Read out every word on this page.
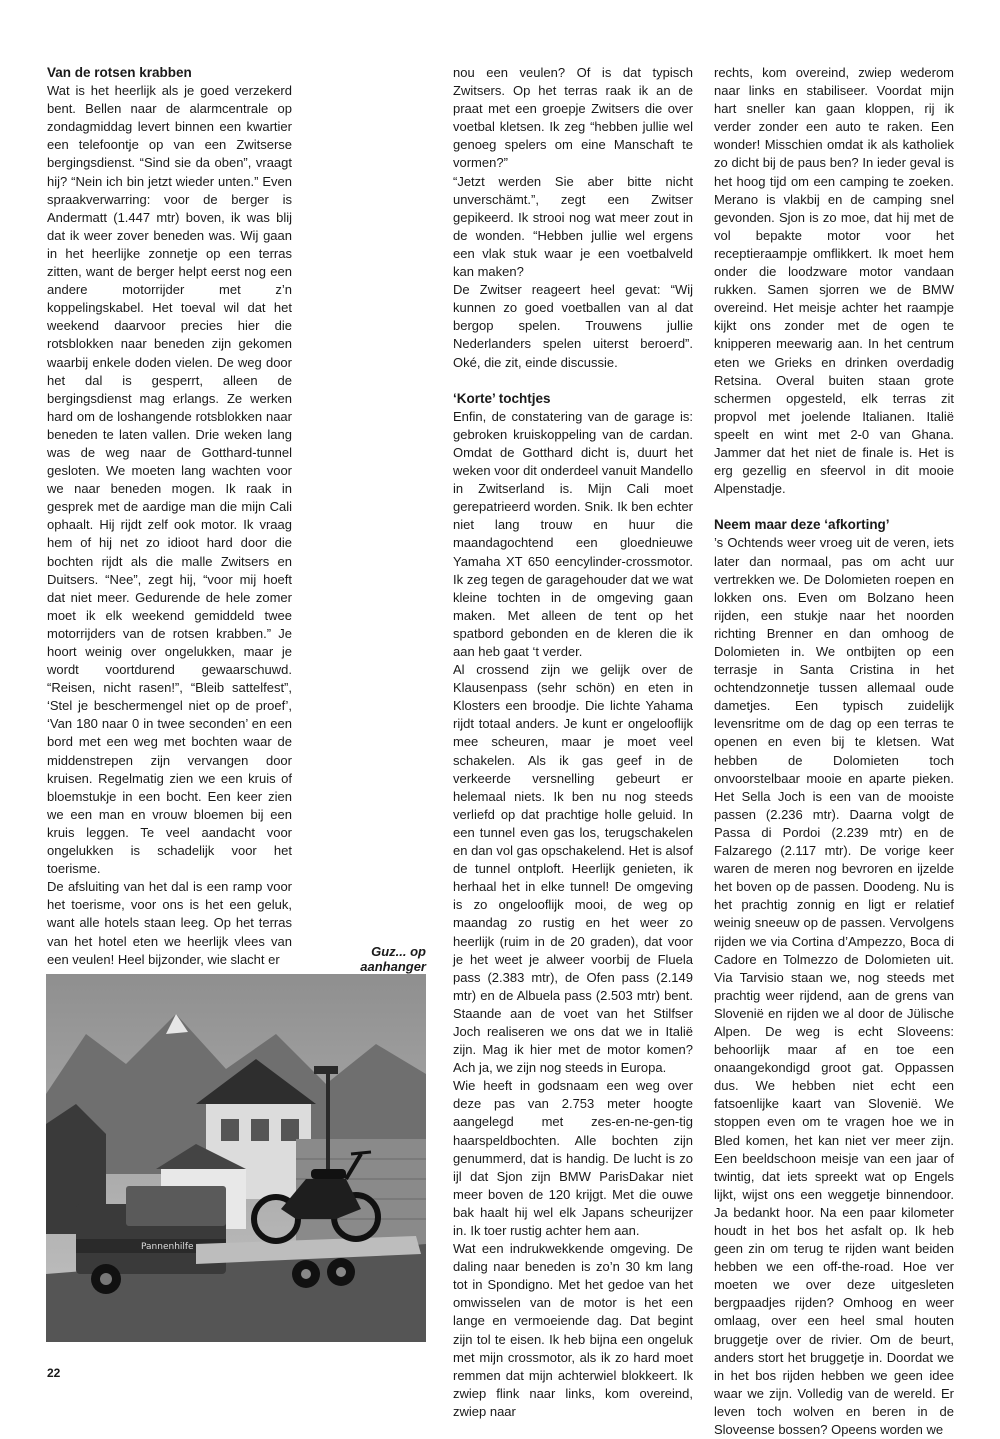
Van de rotsen krabben

Wat is het heerlijk als je goed verzekerd bent. Bellen naar de alarmcentrale op zondagmiddag levert binnen een kwartier een telefoontje op van een Zwitserse bergingsdienst. “Sind sie da oben”, vraagt hij? “Nein ich bin jetzt wieder unten.” Even spraakverwarring: voor de berger is Andermatt (1.447 mtr) boven, ik was blij dat ik weer zover beneden was. Wij gaan in het heerlijke zonnetje op een terras zitten, want de berger helpt eerst nog een andere motorrijder met z’n koppelingskabel. Het toeval wil dat het weekend daarvoor precies hier die rotsblokken naar beneden zijn gekomen waarbij enkele doden vielen. De weg door het dal is gesperrt, alleen de bergingsdienst mag erlangs. Ze werken hard om de loshangende rotsblokken naar beneden te laten vallen. Drie weken lang was de weg naar de Gotthard-tunnel gesloten. We moeten lang wachten voor we naar beneden mogen. Ik raak in gesprek met de aardige man die mijn Cali ophaalt. Hij rijdt zelf ook motor. Ik vraag hem of hij net zo idioot hard door die bochten rijdt als die malle Zwitsers en Duitsers. “Nee”, zegt hij, “voor mij hoeft dat niet meer. Gedurende de hele zomer moet ik elk weekend gemiddeld twee motorrijders van de rotsen krabben.” Je hoort weinig over ongelukken, maar je wordt voortdurend gewaarschuwd. “Reisen, nicht rasen!”, “Bleib sattelfest”, ‘Stel je beschermengel niet op de proef’, ‘Van 180 naar 0 in twee seconden’ en een bord met een weg met bochten waar de middenstrepen zijn vervangen door kruisen. Regelmatig zien we een kruis of bloemstukje in een bocht. Een keer zien we een man en vrouw bloemen bij een kruis leggen. Te veel aandacht voor ongelukken is schadelijk voor het toerisme.

De afsluiting van het dal is een ramp voor het toerisme, voor ons is het een geluk, want alle hotels staan leeg. Op het terras van het hotel eten we heerlijk vlees van een veulen! Heel bijzonder, wie slacht er

nou een veulen? Of is dat typisch Zwitsers. Op het terras raak ik an de praat met een groepje Zwitsers die over voetbal kletsen. Ik zeg “hebben jullie wel genoeg spelers om eine Manschaft te vormen?”

“Jetzt werden Sie aber bitte nicht unverschämt.”, zegt een Zwitser gepikeerd. Ik strooi nog wat meer zout in de wonden. “Hebben jullie wel ergens een vlak stuk waar je een voetbalveld kan maken?

De Zwitser reageert heel gevat: “Wij kunnen zo goed voetballen van al dat bergop spelen. Trouwens jullie Nederlanders spelen uiterst beroerd”. Oké, die zit, einde discussie.

‘Korte’ tochtjes

Enfin, de constatering van de garage is: gebroken kruiskoppeling van de cardan. Omdat de Gotthard dicht is, duurt het weken voor dit onderdeel vanuit Mandello in Zwitserland is. Mijn Cali moet gerepatrieerd worden. Snik. Ik ben echter niet lang trouw en huur die maandagochtend een gloednieuwe Yamaha XT 650 eencylinder-crossmotor. Ik zeg tegen de garagehouder dat we wat kleine tochten in de omgeving gaan maken. Met alleen de tent op het spatbord gebonden en de kleren die ik aan heb gaat ‘t verder.

Al crossend zijn we gelijk over de Klausenpass (sehr schön) en eten in Klosters een broodje. Die lichte Yahama rijdt totaal anders. Je kunt er ongelooflijk mee scheuren, maar je moet veel schakelen. Als ik gas geef in de verkeerde versnelling gebeurt er helemaal niets. Ik ben nu nog steeds verliefd op dat prachtige holle geluid. In een tunnel even gas los, terugschakelen en dan vol gas opschakelend. Het is alsof de tunnel ontploft. Heerlijk genieten, ik herhaal het in elke tunnel! De omgeving is zo ongelooflijk mooi, de weg op maandag zo rustig en het weer zo heerlijk (ruim in de 20 graden), dat voor je het weet je alweer voorbij de Fluela pass (2.383 mtr), de Ofen pass (2.149 mtr) en de Albuela pass (2.503 mtr) bent. Staande aan de voet van het Stilfser Joch realiseren we ons dat we in Italië zijn. Mag ik hier met de motor komen? Ach ja, we zijn nog steeds in Europa.

Wie heeft in godsnaam een weg over deze pas van 2.753 meter hoogte aangelegd met zes-en-ne-gen-tig haarspeldbochten. Alle bochten zijn genummerd, dat is handig. De lucht is zo ijl dat Sjon zijn BMW ParisDakar niet meer boven de 120 krijgt. Met die ouwe bak haalt hij wel elk Japans scheurijzer in. Ik toer rustig achter hem aan.

Wat een indrukwekkende omgeving. De daling naar beneden is zo’n 30 km lang tot in Spondigno. Met het gedoe van het omwisselen van de motor is het een lange en vermoeiende dag. Dat begint zijn tol te eisen. Ik heb bijna een ongeluk met mijn crossmotor, als ik zo hard moet remmen dat mijn achterwiel blokkeert. Ik zwiep flink naar links, kom overeind, zwiep naar

rechts, kom overeind, zwiep wederom naar links en stabiliseer. Voordat mijn hart sneller kan gaan kloppen, rij ik verder zonder een auto te raken. Een wonder! Misschien omdat ik als katholiek zo dicht bij de paus ben? In ieder geval is het hoog tijd om een camping te zoeken. Merano is vlakbij en de camping snel gevonden. Sjon is zo moe, dat hij met de vol bepakte motor voor het receptieraampje omflikkert. Ik moet hem onder die loodzware motor vandaan rukken. Samen sjorren we de BMW overeind. Het meisje achter het raampje kijkt ons zonder met de ogen te knipperen meewarig aan. In het centrum eten we Grieks en drinken overdadig Retsina. Overal buiten staan grote schermen opgesteld, elk terras zit propvol met joelende Italianen. Italië speelt en wint met 2-0 van Ghana. Jammer dat het niet de finale is. Het is erg gezellig en sfeervol in dit mooie Alpenstadje.

Neem maar deze ‘afkorting’

’s Ochtends weer vroeg uit de veren, iets later dan normaal, pas om acht uur vertrekken we. De Dolomieten roepen en lokken ons. Even om Bolzano heen rijden, een stukje naar het noorden richting Brenner en dan omhoog de Dolomieten in. We ontbijten op een terrasje in Santa Cristina in het ochtendzonnetje tussen allemaal oude dametjes. Een typisch zuidelijk levensritme om de dag op een terras te openen en even bij te kletsen. Wat hebben de Dolomieten toch onvoorstelbaar mooie en aparte pieken. Het Sella Joch is een van de mooiste passen (2.236 mtr). Daarna volgt de Passa di Pordoi (2.239 mtr) en de Falzarego (2.117 mtr). De vorige keer waren de meren nog bevroren en ijzelde het boven op de passen. Doodeng. Nu is het prachtig zonnig en ligt er relatief weinig sneeuw op de passen. Vervolgens rijden we via Cortina d’Ampezzo, Boca di Cadore en Tolmezzo de Dolomieten uit. Via Tarvisio staan we, nog steeds met prachtig weer rijdend, aan de grens van Slovenië en rijden we al door de Jülische Alpen. De weg is echt Sloveens: behoorlijk maar af en toe een onaangekondigd groot gat. Oppassen dus. We hebben niet echt een fatsoenlijke kaart van Slovenië. We stoppen even om te vragen hoe we in Bled komen, het kan niet ver meer zijn. Een beeldschoon meisje van een jaar of twintig, dat iets spreekt wat op Engels lijkt, wijst ons een weggetje binnendoor. Ja bedankt hoor. Na een paar kilometer houdt in het bos het asfalt op. Ik heb geen zin om terug te rijden want beiden hebben we een off-the-road. Hoe ver moeten we over deze uitgesleten bergpaadjes rijden? Omhoog en weer omlaag, over een heel smal houten bruggetje over de rivier. Om de beurt, anders stort het bruggetje in. Doordat we in het bos rijden hebben we geen idee waar we zijn. Volledig van de wereld. Er leven toch wolven en beren in de Sloveense bossen? Opeens worden we

Guz... op aanhanger
Pannenhilfe
22
